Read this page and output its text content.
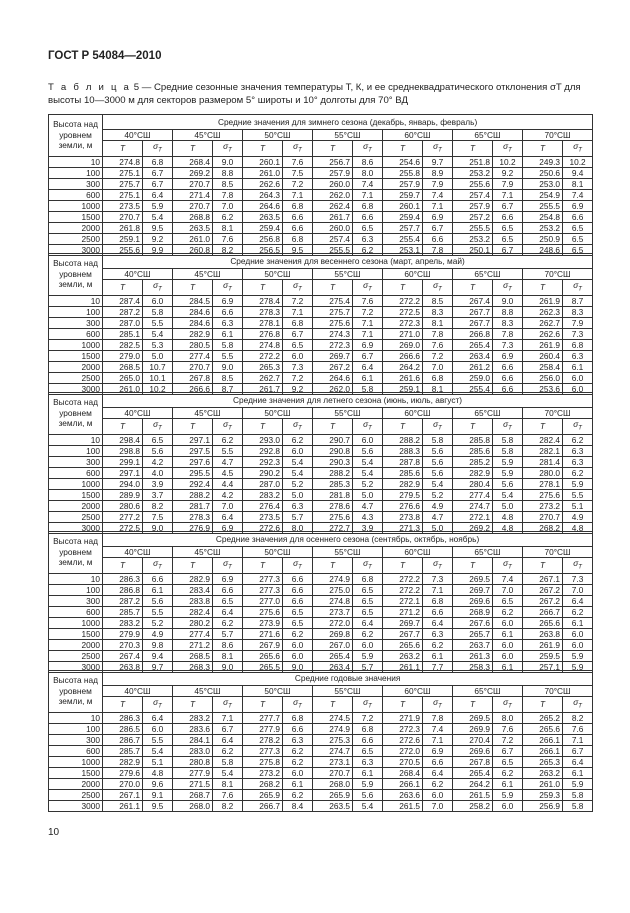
ГОСТ Р 54084—2010
Т а б л и ц а 5 — Средние сезонные значения температуры T, К, и ее среднеквадратического отклонения σT для высоты 10—3000 м для секторов размером 5° широты и 10° долготы для 70° ВД
Высота над уровнем земли, м	Средние значения для зимнего сезона (декабрь, январь, февраль)													
	40°СШ		45°СШ		50°СШ		55°СШ		60°СШ		65°СШ		70°СШ	
	T	$\sigma_T$	T	$\sigma_T$	T	$\sigma_T$	T	$\sigma_T$	T	$\sigma_T$	T	$\sigma_T$	T	$\sigma_T$
10	274.8	6.8	268.4	9.0	260.1	7.6	256.7	8.6	254.6	9.7	251.8	10.2	249.3	10.2
100	275.1	6.7	269.2	8.8	261.0	7.5	257.9	8.0	255.8	8.9	253.2	9.2	250.6	9.4
300	275.7	6.7	270.7	8.5	262.6	7.2	260.0	7.4	257.9	7.9	255.6	7.9	253.0	8.1
600	275.1	6.4	271.4	7.8	264.3	7.1	262.0	7.1	259.7	7.4	257.4	7.1	254.9	7.4
1000	273.5	5.9	270.7	7.0	264.6	6.8	262.4	6.8	260.1	7.1	257.9	6.7	255.5	6.9
1500	270.7	5.4	268.8	6.2	263.5	6.6	261.7	6.6	259.4	6.9	257.2	6.6	254.8	6.6
2000	261.8	9.5	263.5	8.1	259.4	6.6	260.0	6.5	257.7	6.7	255.5	6.5	253.2	6.5
2500	259.1	9.2	261.0	7.6	256.8	6.8	257.4	6.3	255.4	6.6	253.2	6.5	250.9	6.5
3000	255.6	9.9	260.8	8.2	256.5	9.5	255.5	6.2	253.1	7.8	250.1	6.7	248.6	6.5
Высота над уровнем земли, м	Средние значения для весеннего сезона (март, апрель, май)													
	40°СШ		45°СШ		50°СШ		55°СШ		60°СШ		65°СШ		70°СШ	
	T	$\sigma_T$	T	$\sigma_T$	T	$\sigma_T$	T	$\sigma_T$	T	$\sigma_T$	T	$\sigma_T$	T	$\sigma_T$
10	287.4	6.0	284.5	6.9	278.4	7.2	275.4	7.6	272.2	8.5	267.4	9.0	261.9	8.7
100	287.2	5.8	284.6	6.6	278.3	7.1	275.7	7.2	272.5	8.3	267.7	8.8	262.3	8.3
300	287.0	5.5	284.6	6.3	278.1	6.8	275.6	7.1	272.3	8.1	267.7	8.3	262.7	7.9
600	285.1	5.4	282.9	6.1	276.8	6.7	274.3	7.1	271.0	7.8	266.8	7.8	262.6	7.3
1000	282.5	5.3	280.5	5.8	274.8	6.5	272.3	6.9	269.0	7.6	265.4	7.3	261.9	6.8
1500	279.0	5.0	277.4	5.5	272.2	6.0	269.7	6.7	266.6	7.2	263.4	6.9	260.4	6.3
2000	268.5	10.7	270.7	9.0	265.3	7.3	267.2	6.4	264.2	7.0	261.2	6.6	258.4	6.1
2500	265.0	10.1	267.8	8.5	262.7	7.2	264.6	6.1	261.6	6.8	259.0	6.6	256.0	6.0
3000	261.0	10.2	266.6	8.7	261.7	9.2	262.0	5.8	259.1	8.1	255.4	6.6	253.6	6.0
Высота над уровнем земли, м	Средние значения для летнего сезона (июнь, июль, август)													
	40°СШ		45°СШ		50°СШ		55°СШ		60°СШ		65°СШ		70°СШ	
	T	$\sigma_T$	T	$\sigma_T$	T	$\sigma_T$	T	$\sigma_T$	T	$\sigma_T$	T	$\sigma_T$	T	$\sigma_T$
10	298.4	6.5	297.1	6.2	293.0	6.2	290.7	6.0	288.2	5.8	285.8	5.8	282.4	6.2
100	298.8	5.6	297.5	5.5	292.8	6.0	290.8	5.6	288.3	5.6	285.6	5.8	282.1	6.3
300	299.1	4.2	297.6	4.7	292.3	5.4	290.3	5.4	287.8	5.6	285.2	5.9	281.4	6.3
600	297.1	4.0	295.5	4.5	290.2	5.4	288.2	5.4	285.6	5.6	282.9	5.9	280.0	6.2
1000	294.0	3.9	292.4	4.4	287.0	5.2	285.3	5.2	282.9	5.4	280.4	5.6	278.1	5.9
1500	289.9	3.7	288.2	4.2	283.2	5.0	281.8	5.0	279.5	5.2	277.4	5.4	275.6	5.5
2000	280.6	8.2	281.7	7.0	276.4	6.3	278.6	4.7	276.6	4.9	274.7	5.0	273.2	5.1
2500	277.2	7.5	278.3	6.4	273.5	5.7	275.6	4.3	273.8	4.7	272.1	4.8	270.7	4.9
3000	272.5	9.0	276.9	6.9	272.6	8.0	272.7	3.9	271.3	5.0	269.2	4.8	268.2	4.8
Высота над уровнем земли, м	Средние значения для осеннего сезона (сентябрь, октябрь, ноябрь)													
	40°СШ		45°СШ		50°СШ		55°СШ		60°СШ		65°СШ		70°СШ	
	T	$\sigma_T$	T	$\sigma_T$	T	$\sigma_T$	T	$\sigma_T$	T	$\sigma_T$	T	$\sigma_T$	T	$\sigma_T$
10	286.3	6.6	282.9	6.9	277.3	6.6	274.9	6.8	272.2	7.3	269.5	7.4	267.1	7.3
100	286.8	6.1	283.4	6.6	277.3	6.6	275.0	6.5	272.2	7.1	269.7	7.0	267.2	7.0
300	287.2	5.6	283.8	6.5	277.0	6.6	274.8	6.5	272.1	6.8	269.6	6.5	267.2	6.4
600	285.7	5.5	282.4	6.4	275.6	6.5	273.7	6.5	271.2	6.6	268.9	6.2	266.7	6.2
1000	283.2	5.2	280.2	6.2	273.9	6.5	272.0	6.4	269.7	6.4	267.6	6.0	265.6	6.1
1500	279.9	4.9	277.4	5.7	271.6	6.2	269.8	6.2	267.7	6.3	265.7	6.1	263.8	6.0
2000	270.3	9.8	271.2	8.6	267.9	6.0	267.0	6.0	265.6	6.2	263.7	6.0	261.9	6.0
2500	267.4	9.4	268.5	8.1	265.6	6.0	265.4	5.9	263.2	6.1	261.3	6.0	259.5	5.9
3000	263.8	9.7	268.3	9.0	265.5	9.0	263.4	5.7	261.1	7.7	258.3	6.1	257.1	5.9
Высота над уровнем земли, м	Средние годовые значения													
	40°СШ		45°СШ		50°СШ		55°СШ		60°СШ		65°СШ		70°СШ	
	T	$\sigma_T$	T	$\sigma_T$	T	$\sigma_T$	T	$\sigma_T$	T	$\sigma_T$	T	$\sigma_T$	T	$\sigma_T$
10	286.3	6.4	283.2	7.1	277.7	6.8	274.5	7.2	271.9	7.8	269.5	8.0	265.2	8.2
100	286.5	6.0	283.6	6.7	277.9	6.6	274.9	6.8	272.3	7.4	269.9	7.6	265.6	7.6
300	286.7	5.5	284.1	6.4	278.2	6.3	275.3	6.6	272.6	7.1	270.4	7.2	266.1	7.1
600	285.7	5.4	283.0	6.2	277.3	6.2	274.7	6.5	272.0	6.9	269.6	6.7	266.1	6.7
1000	282.9	5.1	280.8	5.8	275.8	6.2	273.1	6.3	270.5	6.6	267.8	6.5	265.3	6.4
1500	279.6	4.8	277.9	5.4	273.2	6.0	270.7	6.1	268.4	6.4	265.4	6.2	263.2	6.1
2000	270.0	9.6	271.5	8.1	268.2	6.1	268.0	5.9	266.1	6.2	264.2	6.1	261.0	5.9
2500	267.1	9.1	268.7	7.6	265.9	6.2	265.9	5.6	263.6	6.0	261.5	5.9	259.3	5.8
3000	261.1	9.5	268.0	8.2	266.7	8.4	263.5	5.4	261.5	7.0	258.2	6.0	256.9	5.8
10
